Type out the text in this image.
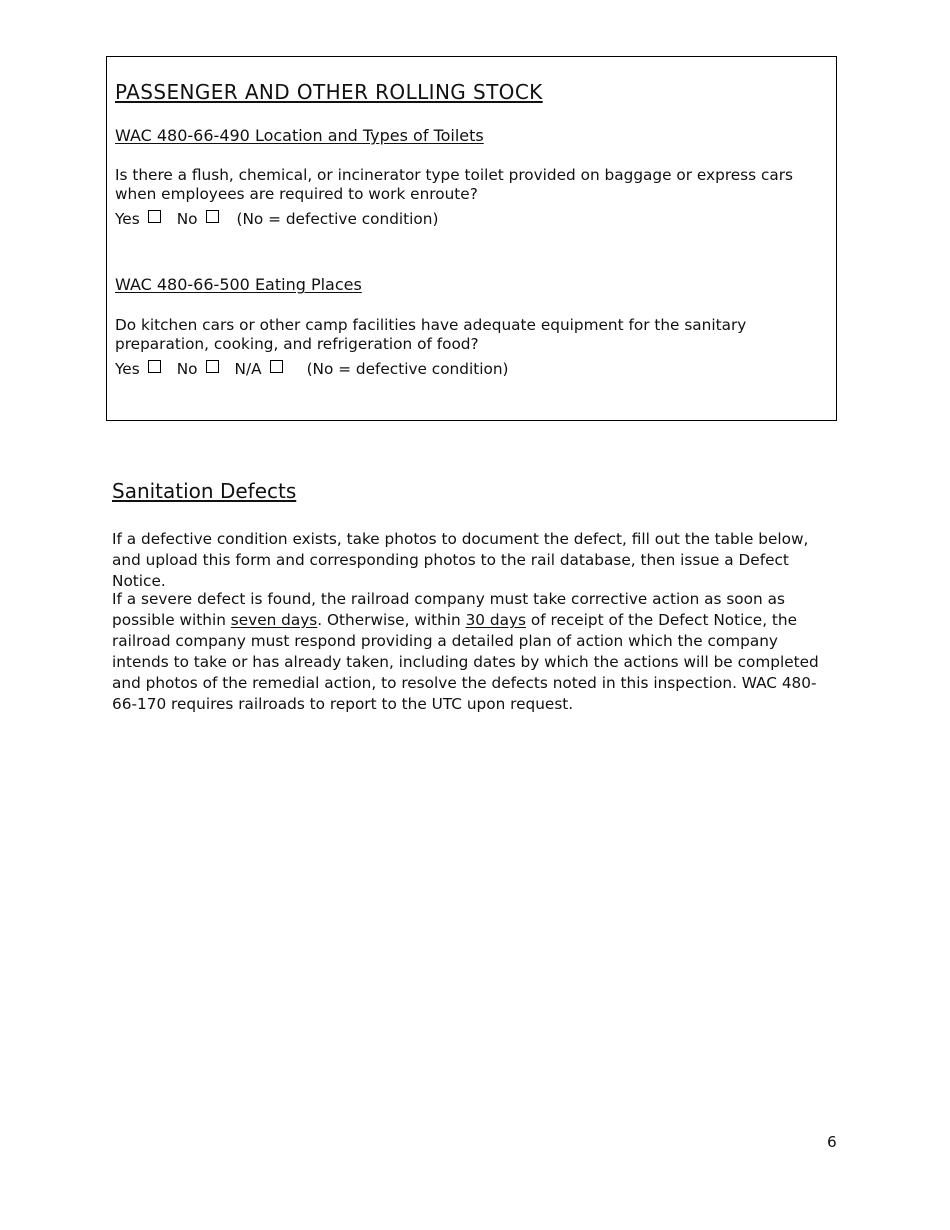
PASSENGER AND OTHER ROLLING STOCK
WAC 480-66-490 Location and Types of Toilets
Is there a flush, chemical, or incinerator type toilet provided on baggage or express cars when employees are required to work enroute?
Yes No	(No = defective condition)
WAC 480-66-500 Eating Places
Do kitchen cars or other camp facilities have adequate equipment for the sanitary preparation, cooking, and refrigeration of food?
Yes No N/A	(No = defective condition)
Sanitation Defects
If a defective condition exists, take photos to document the defect, fill out the table below, and upload this form and corresponding photos to the rail database, then issue a Defect Notice.
If a severe defect is found, the railroad company must take corrective action as soon as possible within seven days. Otherwise, within 30 days of receipt of the Defect Notice, the railroad company must respond providing a detailed plan of action which the company intends to take or has already taken, including dates by which the actions will be completed and photos of the remedial action, to resolve the defects noted in this inspection. WAC 480-66-170 requires railroads to report to the UTC upon request.
6
